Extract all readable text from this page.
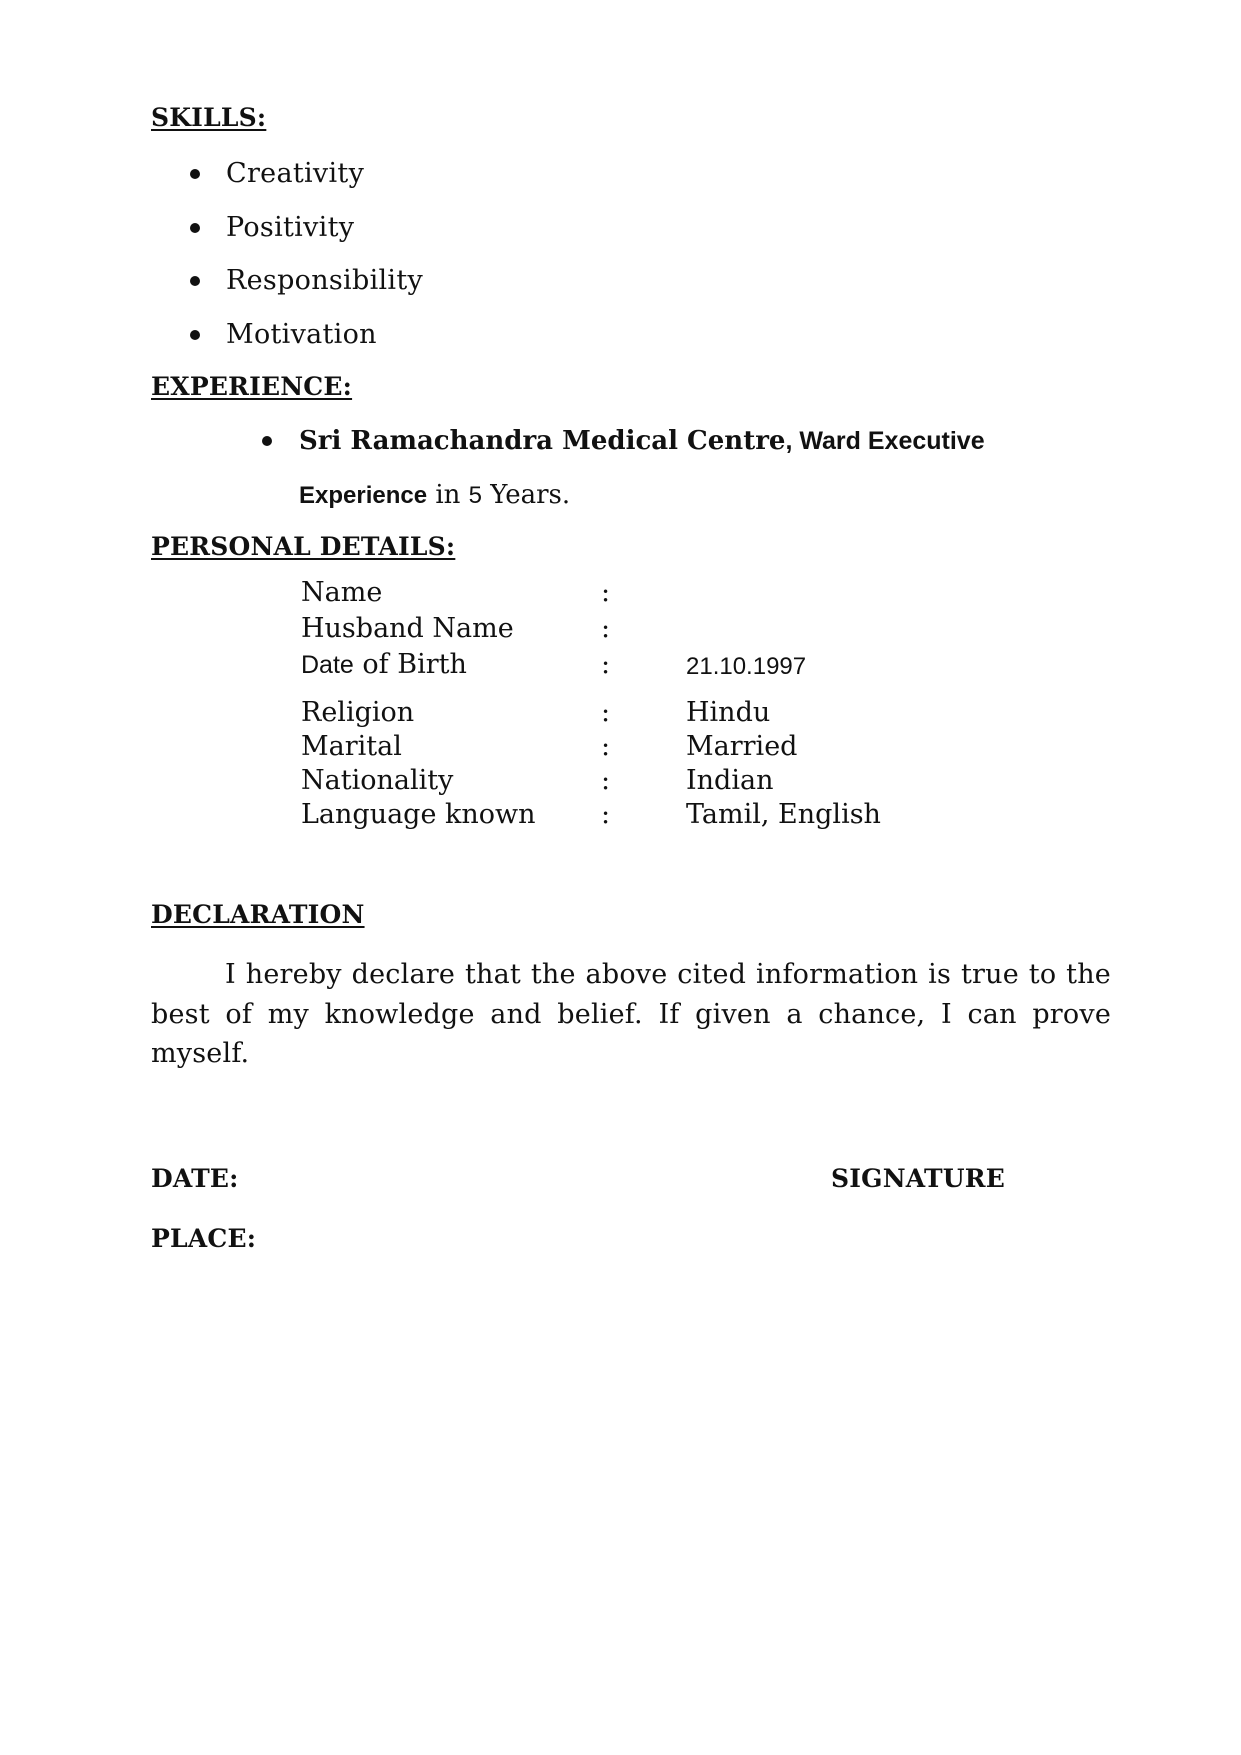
SKILLS:
Creativity
Positivity
Responsibility
Motivation
EXPERIENCE:
Sri Ramachandra Medical Centre, Ward Executive
Experience in 5 Years.
PERSONAL DETAILS:
Name	:
Husband Name	:
Date of Birth	:	21.10.1997
Religion	:	Hindu
Marital	:	Married
Nationality	:	Indian
Language known :	Tamil, English
DECLARATION

I hereby declare that the above cited information is true to the best of my knowledge and belief. If given a chance, I can prove myself.

DATE:	SIGNATURE
PLACE:
